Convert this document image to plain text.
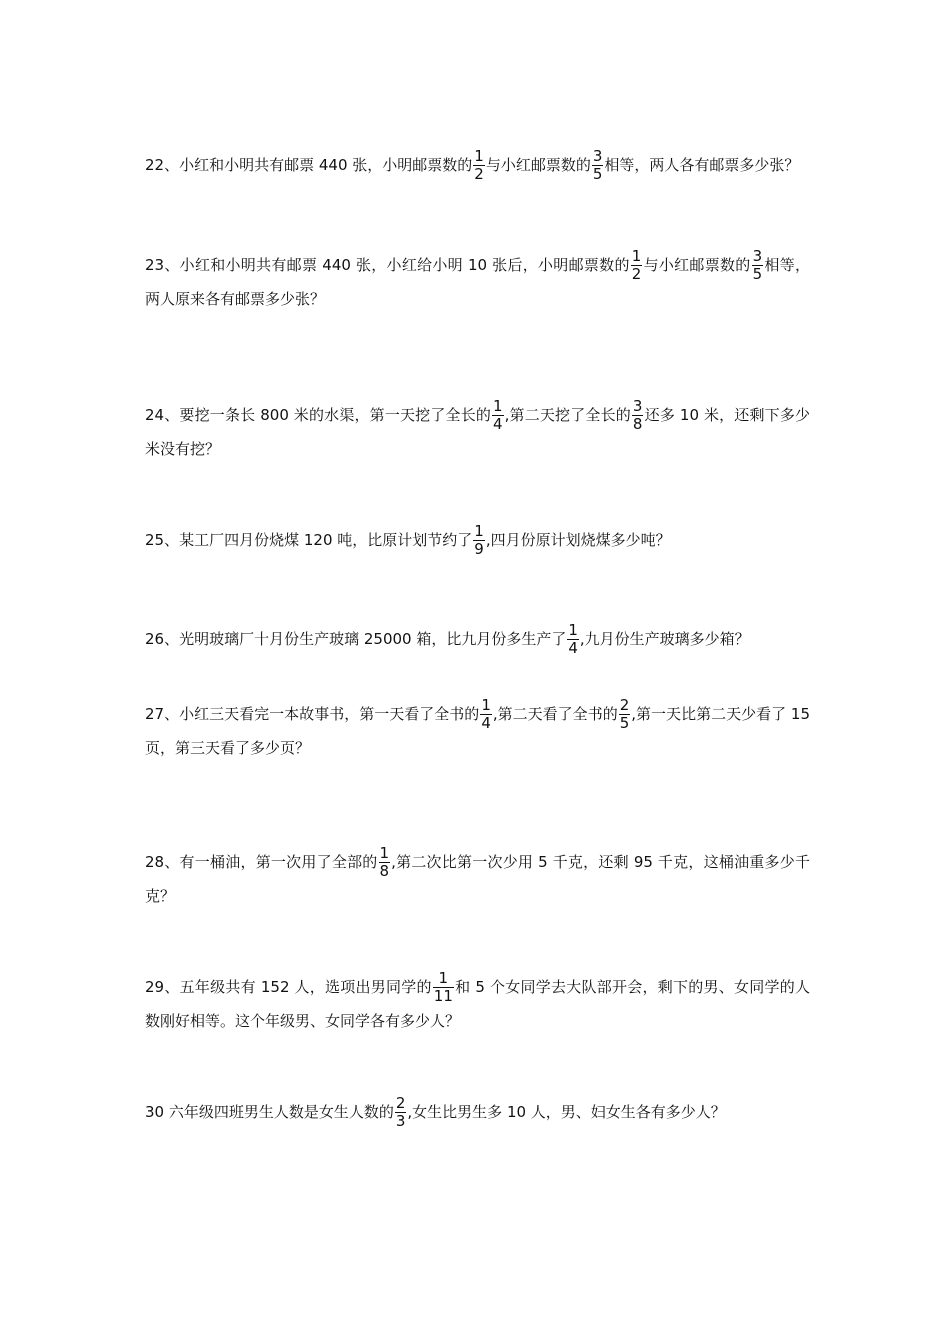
22、小红和小明共有邮票 440 张，小明邮票数的 $\frac{1}{2}$ 与小红邮票数的 $\frac{3}{5}$ 相等，两人各有邮票多少张？
23、小红和小明共有邮票 440 张，小红给小明 10 张后，小明邮票数的 $\frac{1}{2}$ 与小红邮票数的 $\frac{3}{5}$ 相等，两人原来各有邮票多少张？
24、要挖一条长 800 米的水渠，第一天挖了全长的 $\frac{1}{4}$ ,第二天挖了全长的 $\frac{3}{8}$ 还多 10 米，还剩下多少米没有挖？
25、某工厂四月份烧煤 120 吨，比原计划节约了 $\frac{1}{9}$ ,四月份原计划烧煤多少吨？
26、光明玻璃厂十月份生产玻璃 25000 箱，比九月份多生产了 $\frac{1}{4}$ ,九月份生产玻璃多少箱？
27、小红三天看完一本故事书，第一天看了全书的 $\frac{1}{4}$ ,第二天看了全书的 $\frac{2}{5}$ ,第一天比第二天少看了 15 页，第三天看了多少页？
28、有一桶油，第一次用了全部的 $\frac{1}{8}$ ,第二次比第一次少用 5 千克，还剩 95 千克，这桶油重多少千克？
29、五年级共有 152 人，选项出男同学的 $\frac{1}{11}$ 和 5 个女同学去大队部开会，剩下的男、女同学的人数刚好相等。这个年级男、女同学各有多少人？
30 六年级四班男生人数是女生人数的 $\frac{2}{3}$ ,女生比男生多 10 人，男、妇女生各有多少人？
